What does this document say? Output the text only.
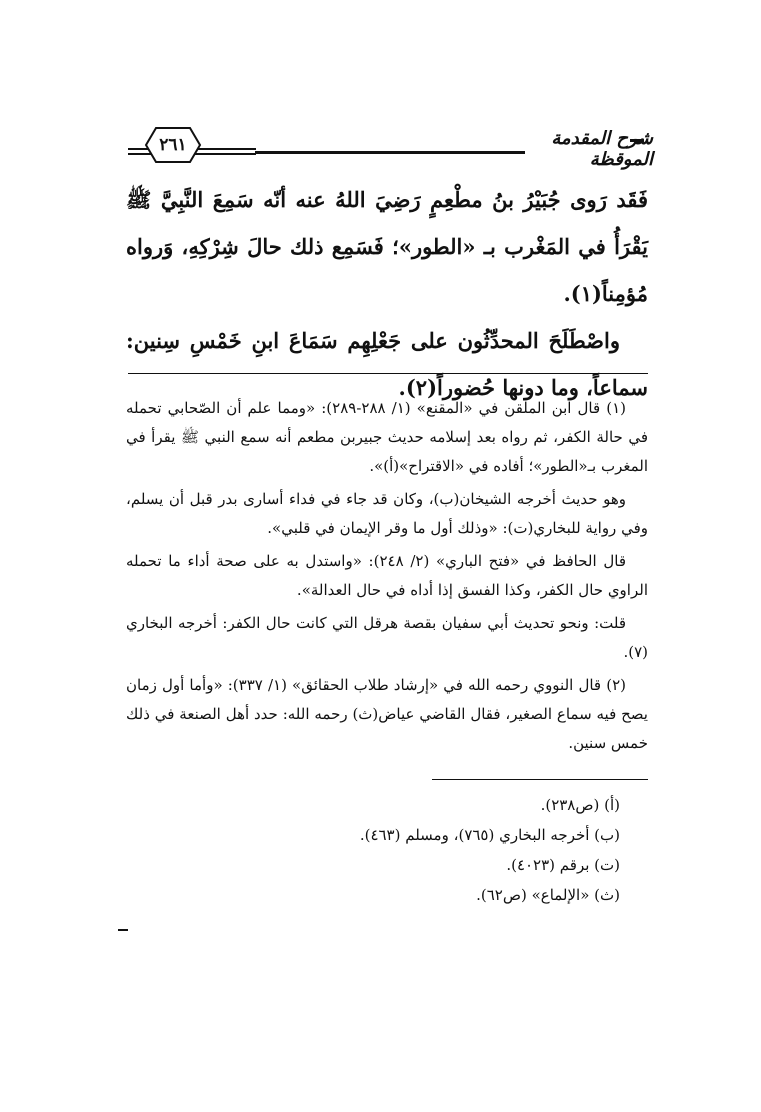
٢٦١	شرح المقدمة الموقظة

فَقَد رَوى جُبَيْرُ بنُ مطْعِمٍ رَضِيَ اللهُ عنه أنّه سَمِعَ النَّبِيَّ ﷺ يَقْرَأُ في المَغْرب بـ «الطور»؛ فَسَمِع ذلك حالَ شِرْكِهِ، وَرواه مُؤمِناً(١).

واصْطَلَحَ المحدِّثُون على جَعْلِهِم سَمَاعَ ابنِ خَمْسِ سِنين: سماعاً، وما دونها حُضوراً(٢).

(١) قال ابن الملقن في «المقنع» (١/ ٢٨٨-٢٨٩): «ومما علم أن الصّحابي تحمله في حالة الكفر، ثم رواه بعد إسلامه حديث جبيربن مطعم أنه سمع النبي ﷺ يقرأ في المغرب بـ«الطور»؛ أفاده في «الاقتراح»(أ)».

وهو حديث أخرجه الشيخان(ب)، وكان قد جاء في فداء أسارى بدر قبل أن يسلم، وفي رواية للبخاري(ت): «وذلك أول ما وقر الإيمان في قلبي».

قال الحافظ في «فتح الباري» (٢/ ٢٤٨): «واستدل به على صحة أداء ما تحمله الراوي حال الكفر، وكذا الفسق إذا أداه في حال العدالة».

قلت: ونحو تحديث أبي سفيان بقصة هرقل التي كانت حال الكفر: أخرجه البخاري (٧).

(٢) قال النووي رحمه الله في «إرشاد طلاب الحقائق» (١/ ٣٣٧): «وأما أول زمان يصح فيه سماع الصغير، فقال القاضي عياض(ث) رحمه الله: حدد أهل الصنعة في ذلك خمس سنين.

(أ) (ص٢٣٨).

(ب) أخرجه البخاري (٧٦٥)، ومسلم (٤٦٣).

(ت) برقم (٤٠٢٣).

(ث) «الإلماع» (ص٦٢).
